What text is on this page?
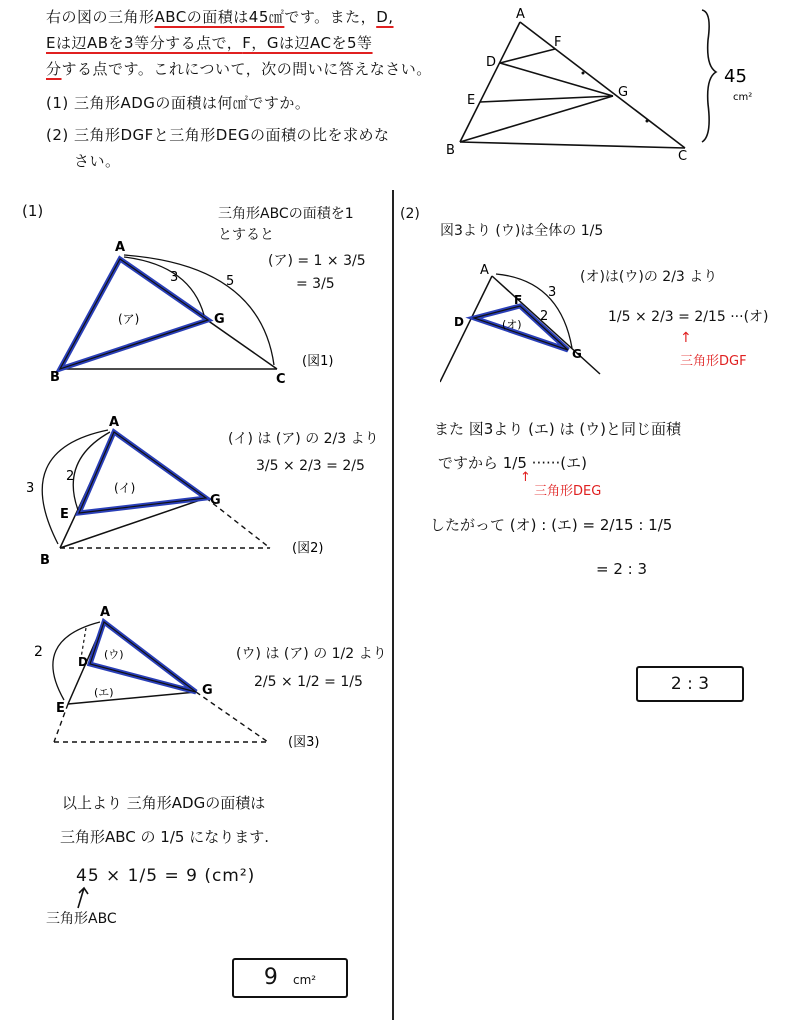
右の図の三角形ABCの面積は45㎠です。また，D,
Eは辺ABを3等分する点で，F，Gは辺ACを5等
分する点です。これについて，次の問いに答えなさい。
(1) 三角形ADGの面積は何㎠ですか。
(2) 三角形DGFと三角形DEGの面積の比を求めな
さい。
A
B	C
D
E
F
G
45
cm²
(1)	三角形ABCの面積を1
とすると
(ア) = 1 × 3/5
= 3/5
A
B	C
G
3	5
(ア)
(図1)
(イ) は (ア) の 2/3 より
3/5 × 2/3 = 2/5
A
B
E
G
2
3	(イ)
(図2)
(ウ) は (ア) の 1/2 より
2/5 × 1/2 = 1/5
A
D
E
G
2	(ウ)
(エ)
(図3)
以上より 三角形ADGの面積は
三角形ABC の 1/5 になります.
45 × 1/5 = 9 (cm²)
三角形ABC
9 cm²
(2)
図3より (ウ)は全体の 1/5
A
D
F
G
2
3
(オ)
(オ)は(ウ)の 2/3 より
1/5 × 2/3 = 2/15 ···(オ)
↑
三角形DGF
また 図3より (エ) は (ウ)と同じ面積
ですから 1/5 ······(エ)
↑
三角形DEG
したがって (オ) : (エ) = 2/15 : 1/5
= 2 : 3
2 : 3
